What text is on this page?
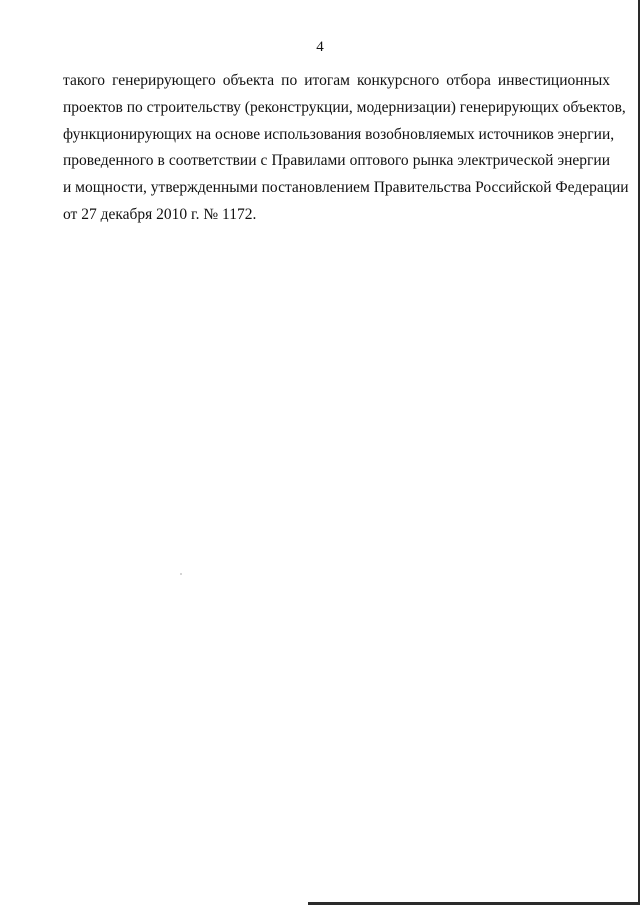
4

такого генерирующего объекта по итогам конкурсного отбора инвестиционных
проектов по строительству (реконструкции, модернизации) генерирующих объектов,
функционирующих на основе использования возобновляемых источников энергии,
проведенного в соответствии с Правилами оптового рынка электрической энергии
и мощности, утвержденными постановлением Правительства Российской Федерации
от 27 декабря 2010 г. № 1172.
